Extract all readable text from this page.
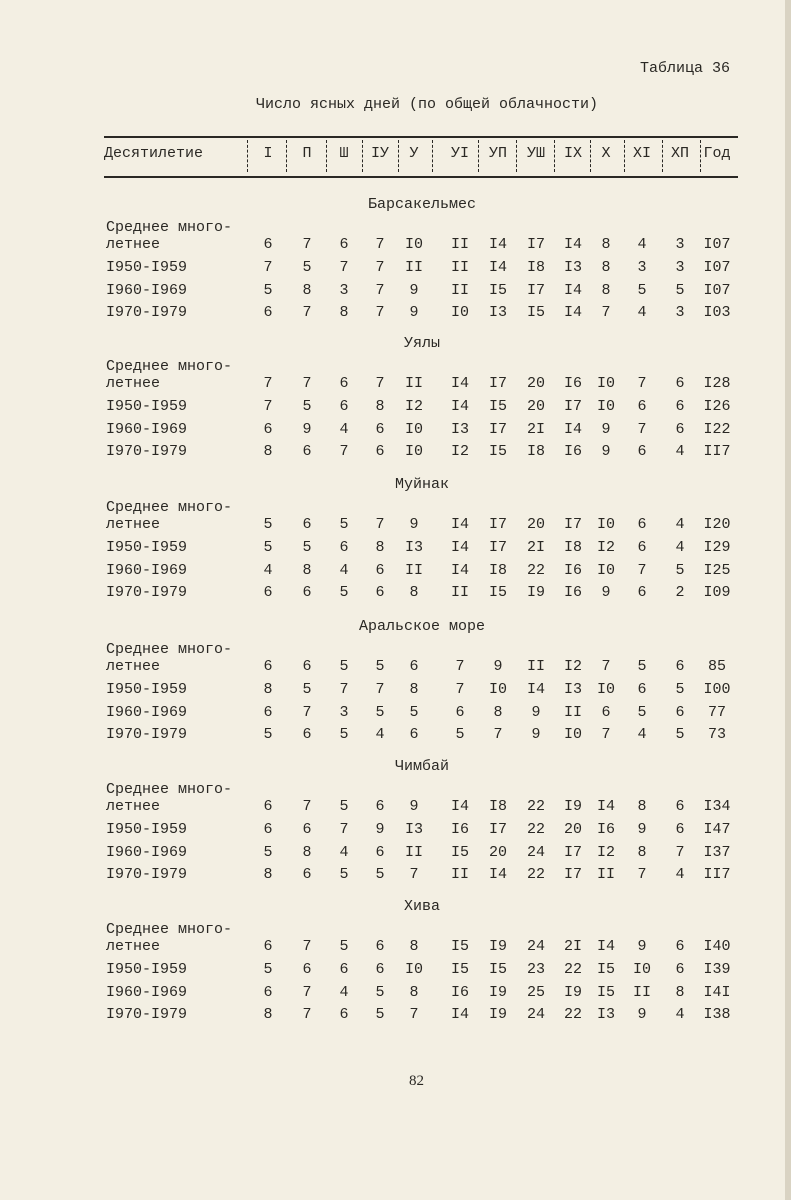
Таблица 36
Число ясных дней (по общей облачности)
Десятилетие	I	П	Ш	IУ	У	УI	УП	УШ	IX	X	XI	XП Год
Барсакельмес
Среднее много-
летнее	6	7	6	7	I0	II	I4	I7	I4	8	4	3	I07
I950-I959	7	5	7	7	II	II	I4	I8	I3	8	3	3	I07
I960-I969	5	8	3	7	9	II	I5	I7	I4	8	5	5	I07
I970-I979	6	7	8	7	9	I0	I3	I5	I4	7	4	3	I03
Уялы
Среднее много-
летнее	7	7	6	7	II	I4	I7	20	I6 I0	7	6	I28
I950-I959	7	5	6	8	I2	I4	I5	20	I7 I0	6	6	I26
I960-I969	6	9	4	6	I0	I3	I7	2I	I4	9	7	6	I22
I970-I979	8	6	7	6	I0	I2	I5	I8	I6	9	6	4	II7
Муйнак
Среднее много-
летнее	5	6	5	7	9	I4	I7	20	I7 I0	6	4	I20
I950-I959	5	5	6	8	I3	I4	I7	2I	I8 I2	6	4	I29
I960-I969	4	8	4	6	II	I4	I8	22	I6 I0	7	5	I25
I970-I979	6	6	5	6	8	II	I5	I9	I6	9	6	2	I09
Аральское море
Среднее много-
летнее	6	6	5	5	6	7	9	II	I2	7	5	6	85
I950-I959	8	5	7	7	8	7	I0	I4	I3 I0	6	5	I00
I960-I969	6	7	3	5	5	6	8	9	II	6	5	6	77
I970-I979	5	6	5	4	6	5	7	9	I0	7	4	5	73
Чимбай
Среднее много-
летнее	6	7	5	6	9	I4	I8	22	I9 I4	8	6	I34
I950-I959	6	6	7	9	I3	I6	I7	22	20 I6	9	6	I47
I960-I969	5	8	4	6	II	I5	20	24	I7 I2	8	7	I37
I970-I979	8	6	5	5	7	II	I4	22	I7 II	7	4	II7
Хива
Среднее много-
летнее	6	7	5	6	8	I5	I9	24	2I I4	9	6	I40
I950-I959	5	6	6	6	I0	I5	I5	23	22 I5	I0	6	I39
I960-I969	6	7	4	5	8	I6	I9	25	I9 I5	II	8	I4I
I970-I979	8	7	6	5	7	I4	I9	24	22 I3	9	4	I38
82
